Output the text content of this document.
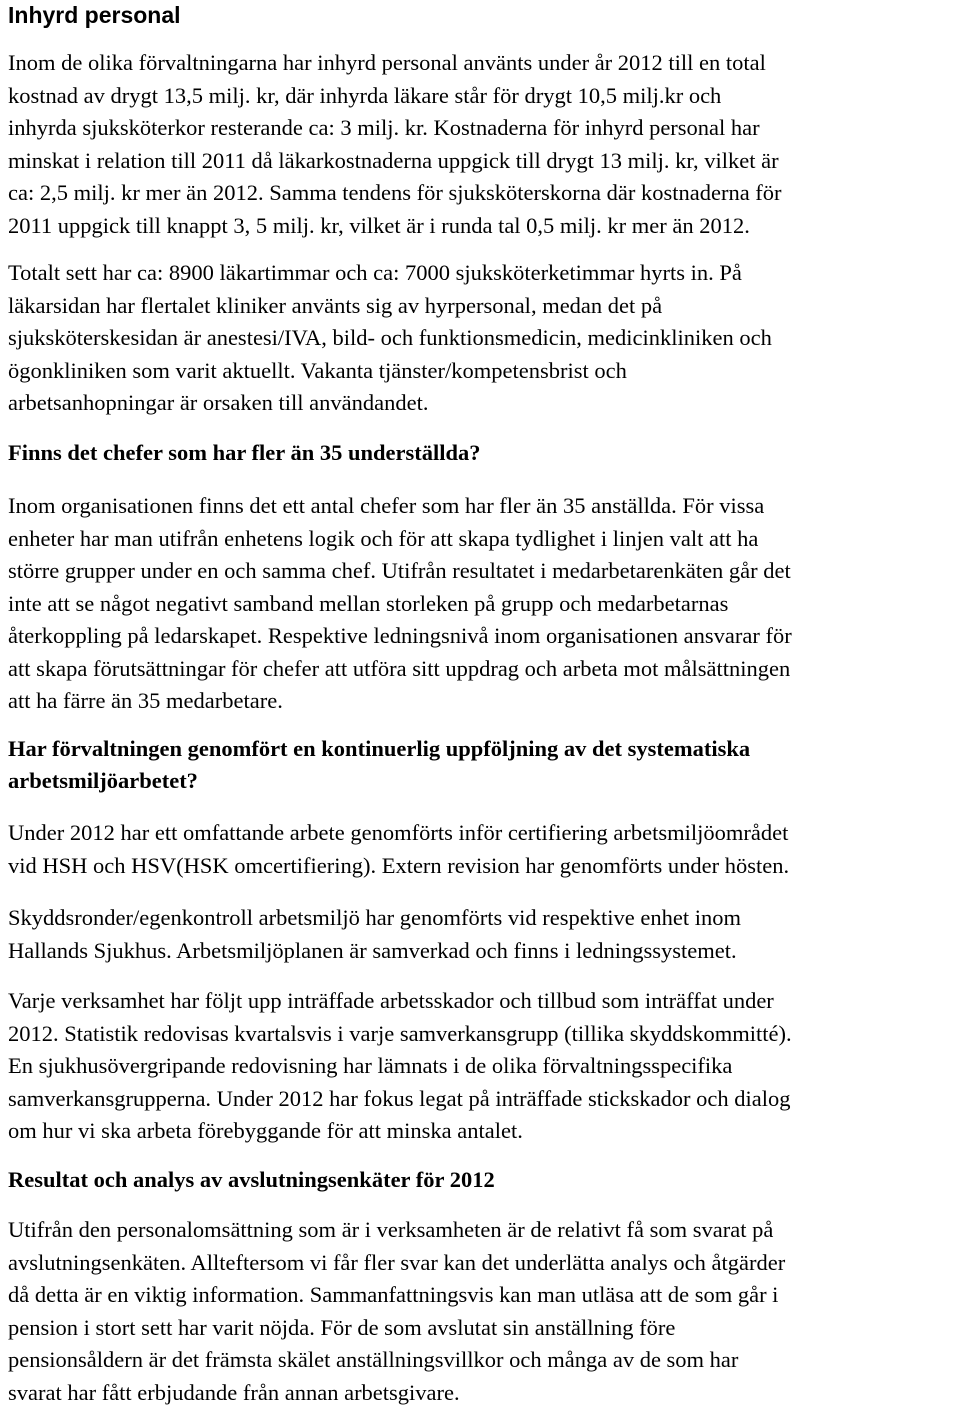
Inhyrd personal
Inom de olika förvaltningarna har inhyrd personal använts under år 2012 till en total
kostnad av drygt 13,5 milj. kr, där inhyrda läkare står för drygt 10,5 milj.kr och
inhyrda sjuksköterkor resterande ca: 3 milj. kr. Kostnaderna för inhyrd personal har
minskat i relation till 2011 då läkarkostnaderna uppgick till drygt 13 milj. kr, vilket är
ca: 2,5 milj. kr mer än 2012. Samma tendens för sjuksköterskorna där kostnaderna för
2011 uppgick till knappt 3, 5 milj. kr, vilket är i runda tal 0,5 milj. kr mer än 2012.
Totalt sett har ca: 8900 läkartimmar och ca: 7000 sjuksköterketimmar hyrts in. På
läkarsidan har flertalet kliniker använts sig av hyrpersonal, medan det på
sjuksköterskesidan är anestesi/IVA, bild- och funktionsmedicin, medicinkliniken och
ögonkliniken som varit aktuellt. Vakanta tjänster/kompetensbrist och
arbetsanhopningar är orsaken till användandet.
Finns det chefer som har fler än 35 underställda?
Inom organisationen finns det ett antal chefer som har fler än 35 anställda. För vissa
enheter har man utifrån enhetens logik och för att skapa tydlighet i linjen valt att ha
större grupper under en och samma chef. Utifrån resultatet i medarbetarenkäten går det
inte att se något negativt samband mellan storleken på grupp och medarbetarnas
återkoppling på ledarskapet. Respektive ledningsnivå inom organisationen ansvarar för
att skapa förutsättningar för chefer att utföra sitt uppdrag och arbeta mot målsättningen
att ha färre än 35 medarbetare.
Har förvaltningen genomfört en kontinuerlig uppföljning av det systematiska
arbetsmiljöarbetet?
Under 2012 har ett omfattande arbete genomförts inför certifiering arbetsmiljöområdet
vid HSH och HSV(HSK omcertifiering). Extern revision har genomförts under hösten.
Skyddsronder/egenkontroll arbetsmiljö har genomförts vid respektive enhet inom
Hallands Sjukhus. Arbetsmiljöplanen är samverkad och finns i ledningssystemet.
Varje verksamhet har följt upp inträffade arbetsskador och tillbud som inträffat under
2012. Statistik redovisas kvartalsvis i varje samverkansgrupp (tillika skyddskommitté).
En sjukhusövergripande redovisning har lämnats i de olika förvaltningsspecifika
samverkansgrupperna. Under 2012 har fokus legat på inträffade stickskador och dialog
om hur vi ska arbeta förebyggande för att minska antalet.
Resultat och analys av avslutningsenkäter för 2012
Utifrån den personalomsättning som är i verksamheten är de relativt få som svarat på
avslutningsenkäten. Allteftersom vi får fler svar kan det underlätta analys och åtgärder
då detta är en viktig information. Sammanfattningsvis kan man utläsa att de som går i
pension i stort sett har varit nöjda. För de som avslutat sin anställning före
pensionsåldern är det främsta skälet anställningsvillkor och många av de som har
svarat har fått erbjudande från annan arbetsgivare.
